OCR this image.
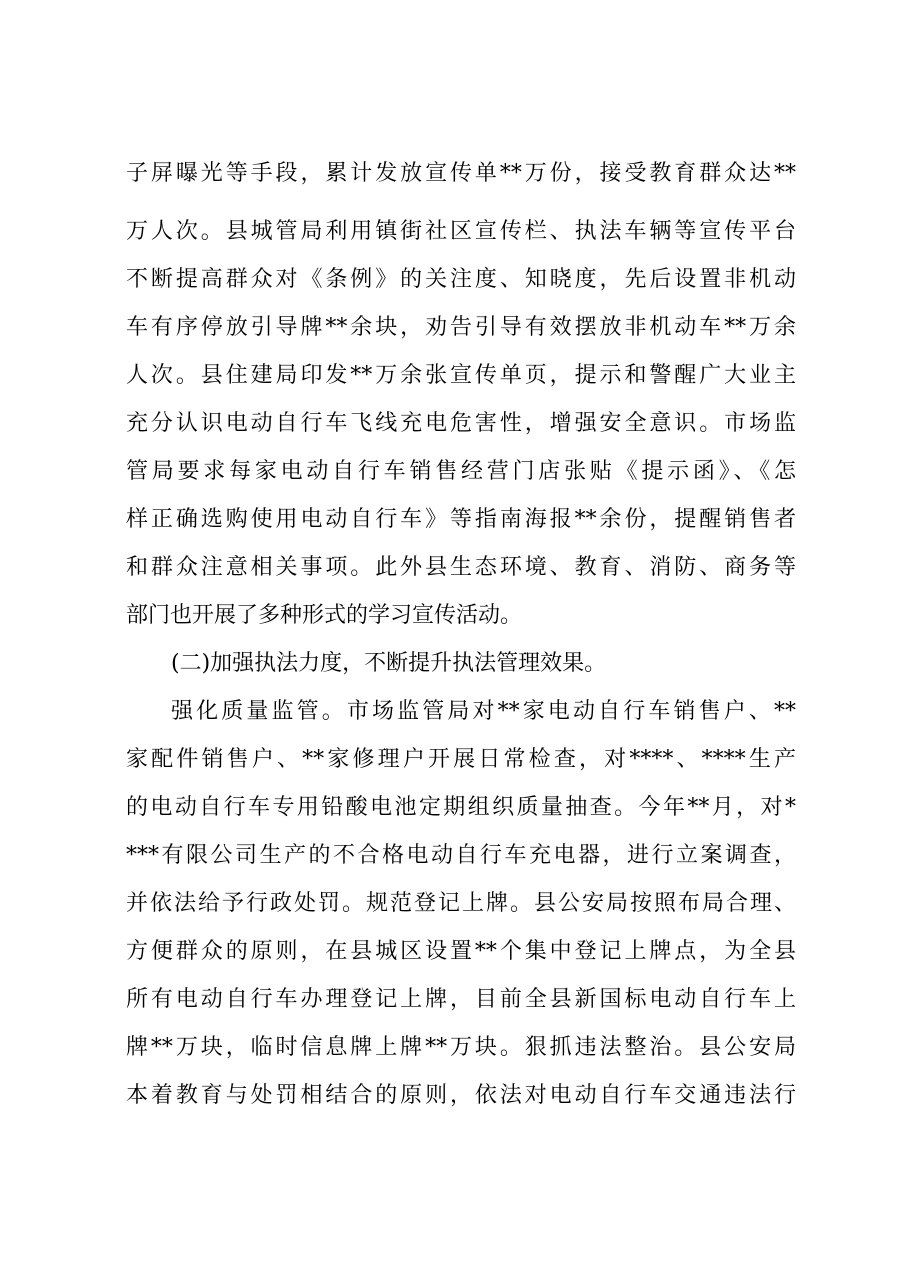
子屏曝光等手段，累计发放宣传单**万份，接受教育群众达**
万人次。县城管局利用镇街社区宣传栏、执法车辆等宣传平台
不断提高群众对《条例》的关注度、知晓度，先后设置非机动
车有序停放引导牌**余块，劝告引导有效摆放非机动车**万余
人次。县住建局印发**万余张宣传单页，提示和警醒广大业主
充分认识电动自行车飞线充电危害性，增强安全意识。市场监
管局要求每家电动自行车销售经营门店张贴《提示函》、《怎
样正确选购使用电动自行车》等指南海报**余份，提醒销售者
和群众注意相关事项。此外县生态环境、教育、消防、商务等
部门也开展了多种形式的学习宣传活动。
(二)加强执法力度，不断提升执法管理效果。
强化质量监管。市场监管局对**家电动自行车销售户、**
家配件销售户、**家修理户开展日常检查，对****、****生产
的电动自行车专用铅酸电池定期组织质量抽查。今年**月，对*
***有限公司生产的不合格电动自行车充电器，进行立案调查，
并依法给予行政处罚。规范登记上牌。县公安局按照布局合理、
方便群众的原则，在县城区设置**个集中登记上牌点，为全县
所有电动自行车办理登记上牌，目前全县新国标电动自行车上
牌**万块，临时信息牌上牌**万块。狠抓违法整治。县公安局
本着教育与处罚相结合的原则，依法对电动自行车交通违法行
